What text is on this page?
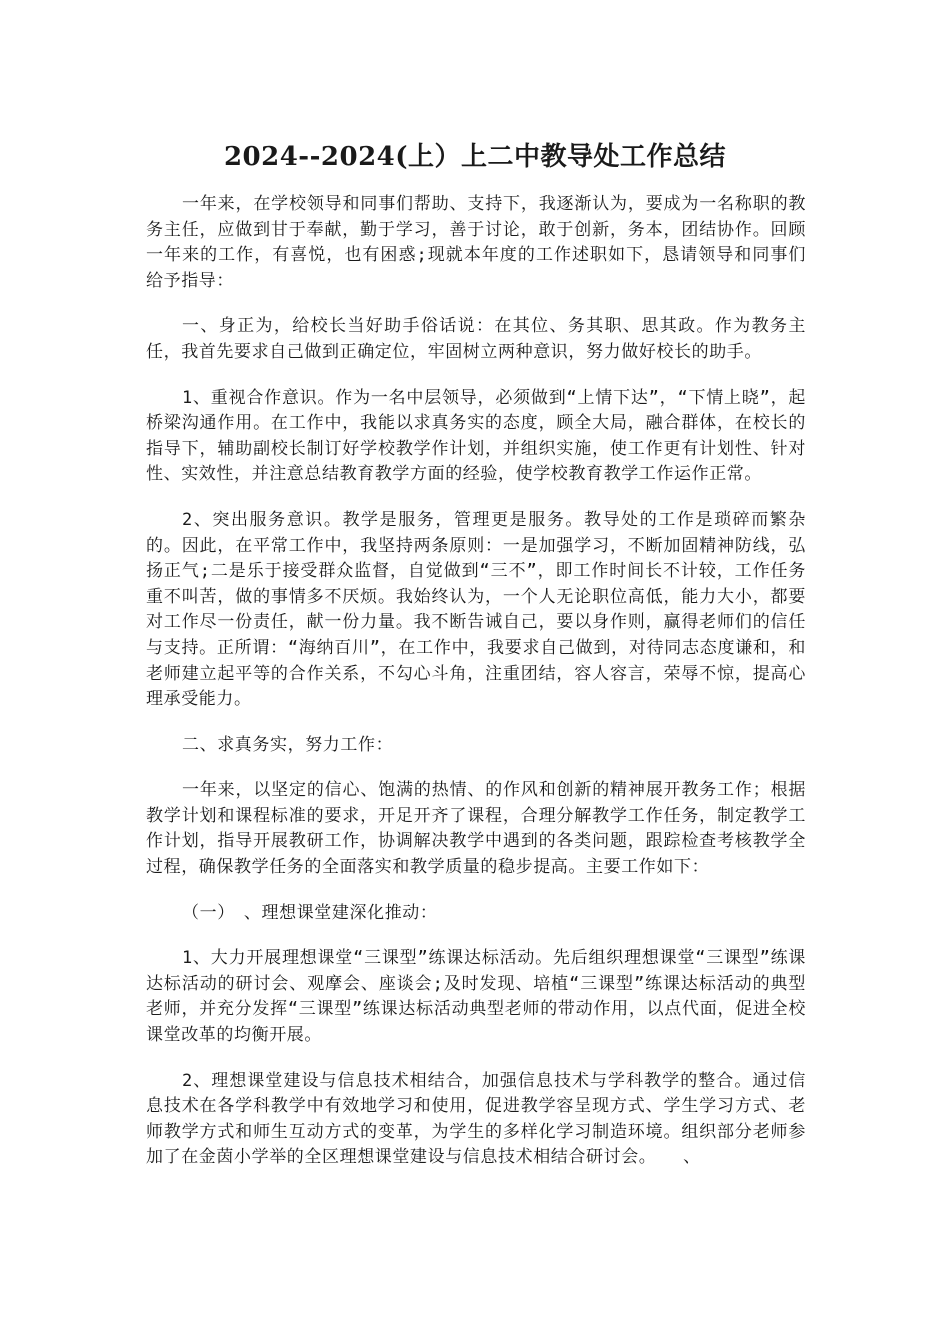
2024--2024(上）上二中教导处工作总结

一年来，在学校领导和同事们帮助、支持下，我逐渐认为，要成为一名称职的教务主任，应做到甘于奉献，勤于学习，善于讨论，敢于创新，务本，团结协作。回顾一年来的工作，有喜悦，也有困惑;现就本年度的工作述职如下，恳请领导和同事们给予指导：

一、身正为，给校长当好助手俗话说：在其位、务其职、思其政。作为教务主任，我首先要求自己做到正确定位，牢固树立两种意识，努力做好校长的助手。

1、重视合作意识。作为一名中层领导，必须做到“上情下达”，“下情上晓”，起桥梁沟通作用。在工作中，我能以求真务实的态度，顾全大局，融合群体，在校长的指导下，辅助副校长制订好学校教学作计划，并组织实施，使工作更有计划性、针对性、实效性，并注意总结教育教学方面的经验，使学校教育教学工作运作正常。

2、突出服务意识。教学是服务，管理更是服务。教导处的工作是琐碎而繁杂的。因此，在平常工作中，我坚持两条原则：一是加强学习，不断加固精神防线，弘扬正气;二是乐于接受群众监督，自觉做到“三不”，即工作时间长不计较，工作任务重不叫苦，做的事情多不厌烦。我始终认为，一个人无论职位高低，能力大小，都要对工作尽一份责任，献一份力量。我不断告诫自己，要以身作则，赢得老师们的信任与支持。正所谓：“海纳百川”，在工作中，我要求自己做到，对待同志态度谦和，和老师建立起平等的合作关系，不勾心斗角，注重团结，容人容言，荣辱不惊，提高心理承受能力。

二、求真务实，努力工作：

一年来，以坚定的信心、饱满的热情、的作风和创新的精神展开教务工作；根据教学计划和课程标准的要求，开足开齐了课程，合理分解教学工作任务，制定教学工作计划，指导开展教研工作，协调解决教学中遇到的各类问题，跟踪检查考核教学全过程，确保教学任务的全面落实和教学质量的稳步提高。主要工作如下：

（一）　、理想课堂建深化推动：

1、大力开展理想课堂“三课型”练课达标活动。先后组织理想课堂“三课型”练课达标活动的研讨会、观摩会、座谈会;及时发现、培植“三课型”练课达标活动的典型老师，并充分发挥“三课型”练课达标活动典型老师的带动作用，以点代面，促进全校课堂改革的均衡开展。

2、理想课堂建设与信息技术相结合，加强信息技术与学科教学的整合。通过信息技术在各学科教学中有效地学习和使用，促进教学容呈现方式、学生学习方式、老师教学方式和师生互动方式的变革，为学生的多样化学习制造环境。组织部分老师参加了在金茵小学举的全区理想课堂建设与信息技术相结合研讨会。　　、
